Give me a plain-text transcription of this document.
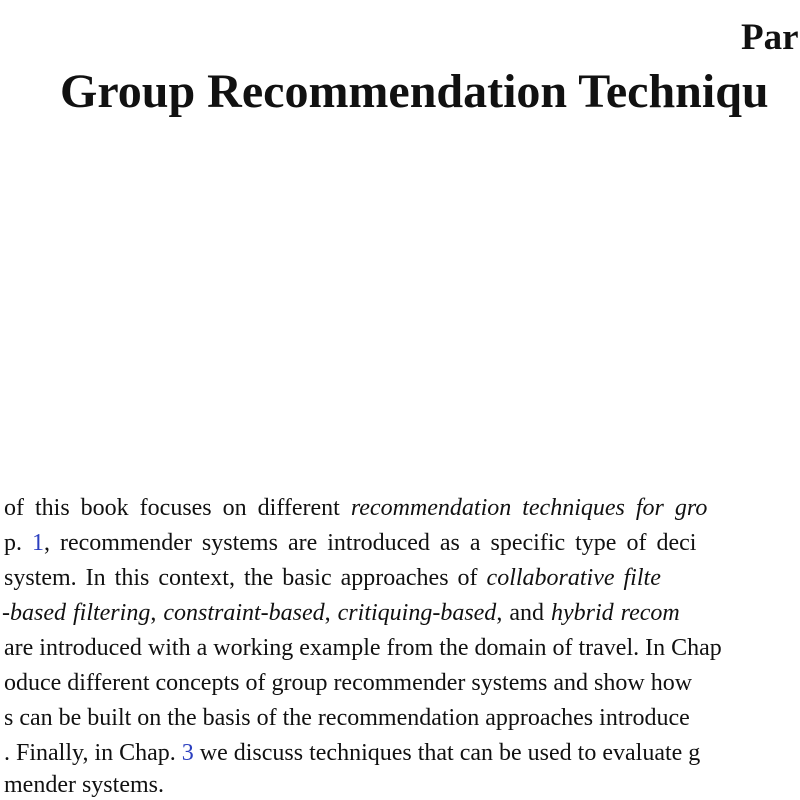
Par
Group Recommendation Techniqu
of this book focuses on different recommendation techniques for gro
p. 1, recommender systems are introduced as a specific type of deci
system. In this context, the basic approaches of collaborative filte
-based filtering, constraint-based, critiquing-based, and hybrid recom
are introduced with a working example from the domain of travel. In Chap
oduce different concepts of group recommender systems and show how
s can be built on the basis of the recommendation approaches introduce
. Finally, in Chap. 3 we discuss techniques that can be used to evaluate g
mender systems.
